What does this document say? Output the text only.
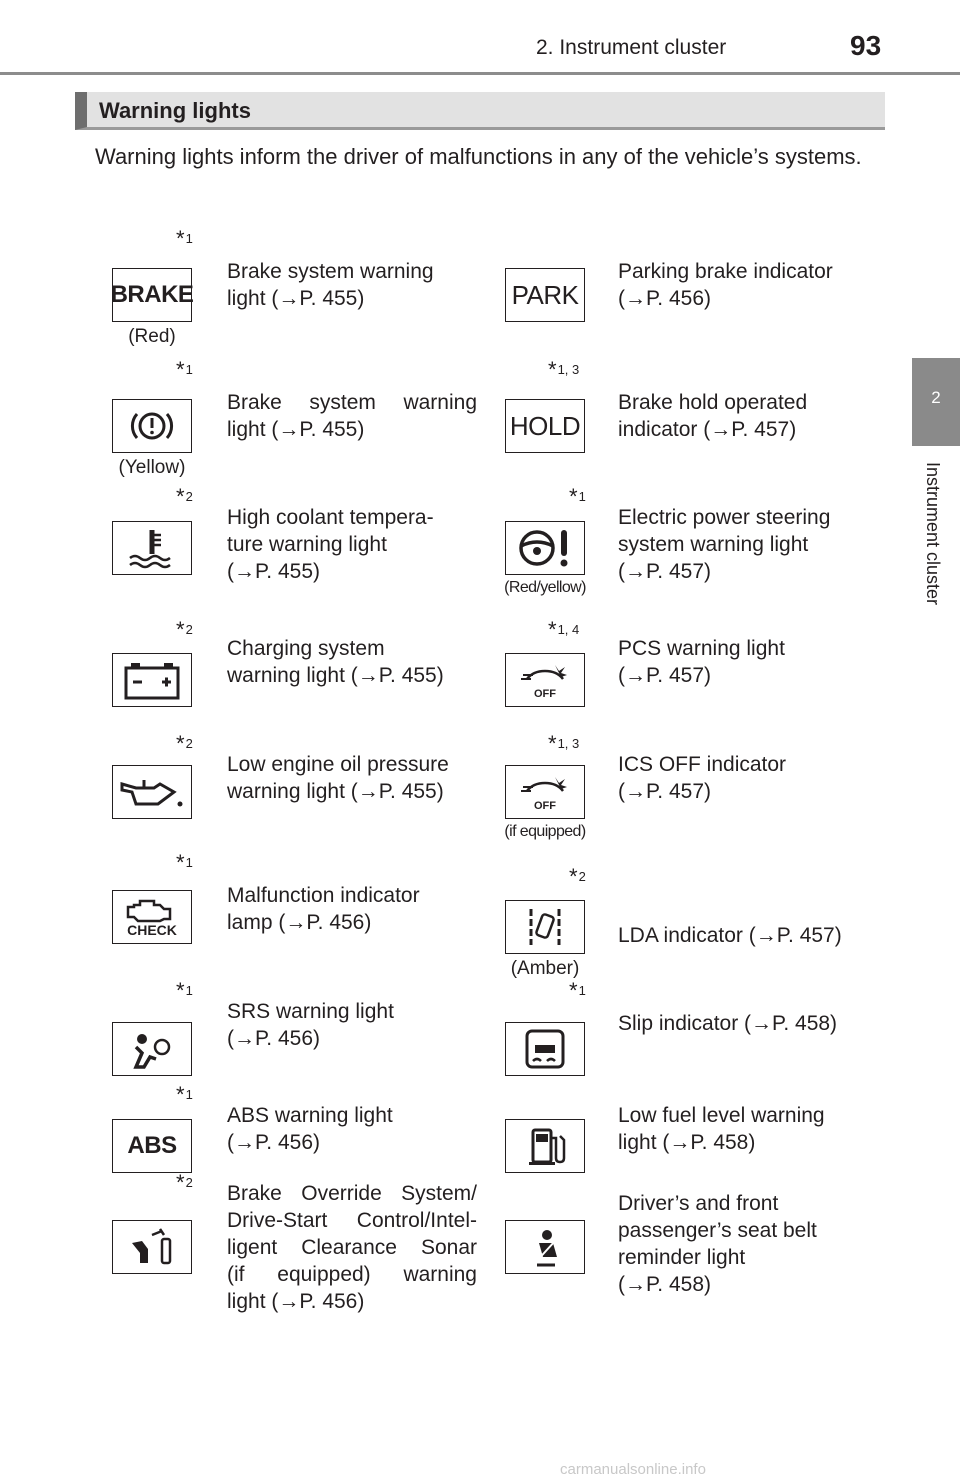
2. Instrument cluster	93
2
Instrument cluster
Warning lights
Warning lights inform the driver of malfunctions in any of the vehicle’s systems.
*1
BRAKE
(Red)
Brake system warning
light (→P. 455)	PARK
Parking brake indicator
(→P. 456)
*1
(Yellow)
Brake system warning
light (→P. 455)
*1, 3
HOLD
Brake hold operated
indicator (→P. 457)
*2
High coolant tempera-
ture warning light
(→P. 455)
*1
(Red/yellow)
Electric power steering
system warning light
(→P. 457)
*2
Charging system
warning light (→P. 455)
*1, 4
OFF
PCS warning light
(→P. 457)
*2
Low engine oil pressure
warning light (→P. 455)
*1, 3
OFF
(if equipped)
ICS OFF indicator
(→P. 457)
*1
CHECK
Malfunction indicator
lamp (→P. 456)
*2
(Amber)
LDA indicator (→P. 457)
*1
SRS warning light
(→P. 456)
*1
Slip indicator (→P. 458)
*1
ABS
ABS warning light
(→P. 456)
Low fuel level warning
light (→P. 458)
*2 Brake Override System/
Drive-Start Control/Intel-
ligent Clearance Sonar
(if equipped) warning
light (→P. 456)
Driver’s and front
passenger’s seat belt
reminder light
(→P. 458)
carmanualsonline.info
